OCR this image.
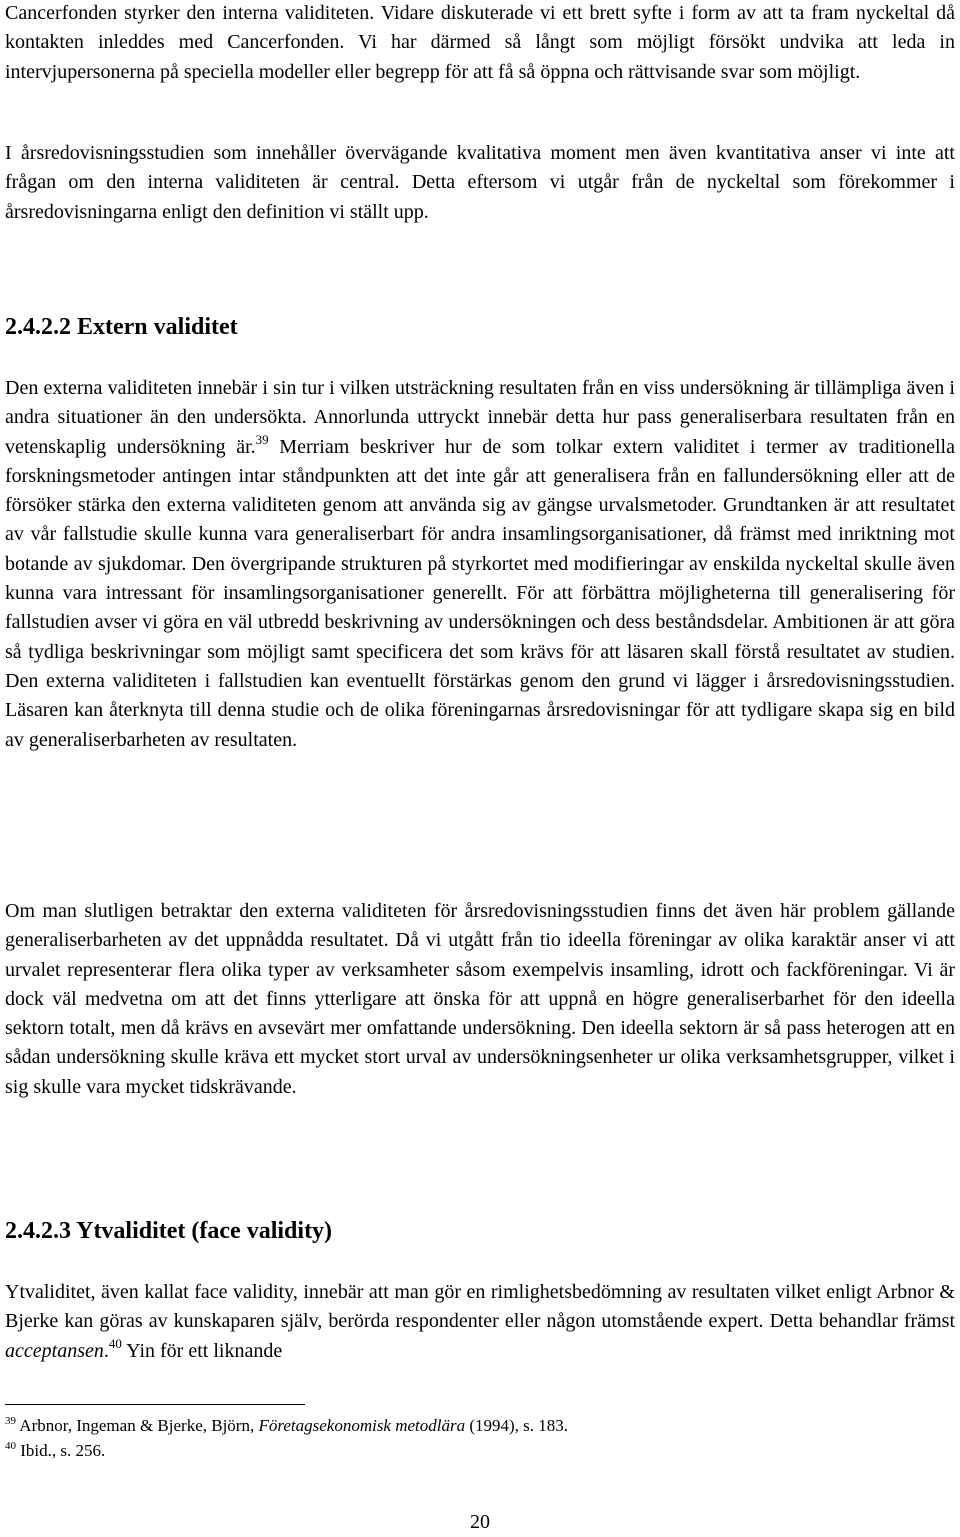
Cancerfonden styrker den interna validiteten. Vidare diskuterade vi ett brett syfte i form av att ta fram nyckeltal då kontakten inleddes med Cancerfonden. Vi har därmed så långt som möjligt försökt undvika att leda in intervjupersonerna på speciella modeller eller begrepp för att få så öppna och rättvisande svar som möjligt.

I årsredovisningsstudien som innehåller övervägande kvalitativa moment men även kvantitativa anser vi inte att frågan om den interna validiteten är central. Detta eftersom vi utgår från de nyckeltal som förekommer i årsredovisningarna enligt den definition vi ställt upp.

2.4.2.2 Extern validitet

Den externa validiteten innebär i sin tur i vilken utsträckning resultaten från en viss undersökning är tillämpliga även i andra situationer än den undersökta. Annorlunda uttryckt innebär detta hur pass generaliserbara resultaten från en vetenskaplig undersökning är.$^{39}$ Merriam beskriver hur de som tolkar extern validitet i termer av traditionella forskningsmetoder antingen intar ståndpunkten att det inte går att generalisera från en fallundersökning eller att de försöker stärka den externa validiteten genom att använda sig av gängse urvalsmetoder. Grundtanken är att resultatet av vår fallstudie skulle kunna vara generaliserbart för andra insamlingsorganisationer, då främst med inriktning mot botande av sjukdomar. Den övergripande strukturen på styrkortet med modifieringar av enskilda nyckeltal skulle även kunna vara intressant för insamlingsorganisationer generellt. För att förbättra möjligheterna till generalisering för fallstudien avser vi göra en väl utbredd beskrivning av undersökningen och dess beståndsdelar. Ambitionen är att göra så tydliga beskrivningar som möjligt samt specificera det som krävs för att läsaren skall förstå resultatet av studien. Den externa validiteten i fallstudien kan eventuellt förstärkas genom den grund vi lägger i årsredovisningsstudien. Läsaren kan återknyta till denna studie och de olika föreningarnas årsredovisningar för att tydligare skapa sig en bild av generaliserbarheten av resultaten.

Om man slutligen betraktar den externa validiteten för årsredovisningsstudien finns det även här problem gällande generaliserbarheten av det uppnådda resultatet. Då vi utgått från tio ideella föreningar av olika karaktär anser vi att urvalet representerar flera olika typer av verksamheter såsom exempelvis insamling, idrott och fackföreningar. Vi är dock väl medvetna om att det finns ytterligare att önska för att uppnå en högre generaliserbarhet för den ideella sektorn totalt, men då krävs en avsevärt mer omfattande undersökning. Den ideella sektorn är så pass heterogen att en sådan undersökning skulle kräva ett mycket stort urval av undersökningsenheter ur olika verksamhetsgrupper, vilket i sig skulle vara mycket tidskrävande.

2.4.2.3 Ytvaliditet (face validity)

Ytvaliditet, även kallat face validity, innebär att man gör en rimlighetsbedömning av resultaten vilket enligt Arbnor & Bjerke kan göras av kunskaparen själv, berörda respondenter eller någon utomstående expert. Detta behandlar främst acceptansen.$^{40}$ Yin för ett liknande

$^{39}$ Arbnor, Ingeman & Bjerke, Björn, Företagsekonomisk metodlära (1994), s. 183.

$^{40}$ Ibid., s. 256.

20
